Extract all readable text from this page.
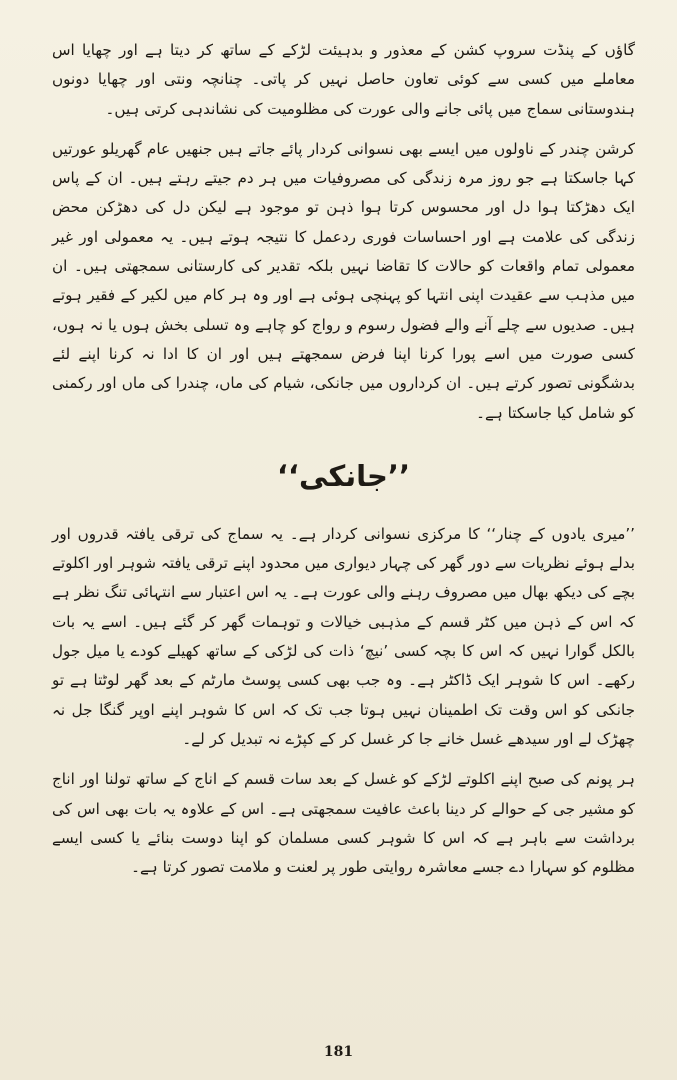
گاؤں کے پنڈت سروپ کشن کے معذور و بدہیئت لڑکے کے ساتھ کر دیتا ہے اور چھایا اس معاملے میں کسی سے کوئی تعاون حاصل نہیں کر پاتی۔ چنانچہ ونتی اور چھایا دونوں ہندوستانی سماج میں پائی جانے والی عورت کی مظلومیت کی نشاندہی کرتی ہیں۔

کرشن چندر کے ناولوں میں ایسے بھی نسوانی کردار پائے جاتے ہیں جنھیں عام گھریلو عورتیں کہا جاسکتا ہے جو روز مرہ زندگی کی مصروفیات میں ہر دم جیتے رہتے ہیں۔ ان کے پاس ایک دھڑکتا ہوا دل اور محسوس کرتا ہوا ذہن تو موجود ہے لیکن دل کی دھڑکن محض زندگی کی علامت ہے اور احساسات فوری ردعمل کا نتیجہ ہوتے ہیں۔ یہ معمولی اور غیر معمولی تمام واقعات کو حالات کا تقاضا نہیں بلکہ تقدیر کی کارستانی سمجھتی ہیں۔ ان میں مذہب سے عقیدت اپنی انتہا کو پہنچی ہوئی ہے اور وہ ہر کام میں لکیر کے فقیر ہوتے ہیں۔ صدیوں سے چلے آنے والے فضول رسوم و رواج کو چاہے وہ تسلی بخش ہوں یا نہ ہوں، کسی صورت میں اسے پورا کرنا اپنا فرض سمجھتے ہیں اور ان کا ادا نہ کرنا اپنے لئے بدشگونی تصور کرتے ہیں۔ ان کرداروں میں جانکی، شیام کی ماں، چندرا کی ماں اور رکمنی کو شامل کیا جاسکتا ہے۔

’’جانکی‘‘

’’میری یادوں کے چنار‘‘ کا مرکزی نسوانی کردار ہے۔ یہ سماج کی ترقی یافتہ قدروں اور بدلے ہوئے نظریات سے دور گھر کی چہار دیواری میں محدود اپنے ترقی یافتہ شوہر اور اکلوتے بچے کی دیکھ بھال میں مصروف رہنے والی عورت ہے۔ یہ اس اعتبار سے انتہائی تنگ نظر ہے کہ اس کے ذہن میں کٹر قسم کے مذہبی خیالات و توہمات گھر کر گئے ہیں۔ اسے یہ بات بالکل گوارا نہیں کہ اس کا بچہ کسی ’نیچ‘ ذات کی لڑکی کے ساتھ کھیلے کودے یا میل جول رکھے۔ اس کا شوہر ایک ڈاکٹر ہے۔ وہ جب بھی کسی پوسٹ مارٹم کے بعد گھر لوٹتا ہے تو جانکی کو اس وقت تک اطمینان نہیں ہوتا جب تک کہ اس کا شوہر اپنے اوپر گنگا جل نہ چھڑک لے اور سیدھے غسل خانے جا کر غسل کر کے کپڑے نہ تبدیل کر لے۔

ہر پونم کی صبح اپنے اکلوتے لڑکے کو غسل کے بعد سات قسم کے اناج کے ساتھ تولنا اور اناج کو مشیر جی کے حوالے کر دینا باعث عافیت سمجھتی ہے۔ اس کے علاوہ یہ بات بھی اس کی برداشت سے باہر ہے کہ اس کا شوہر کسی مسلمان کو اپنا دوست بنائے یا کسی ایسے مظلوم کو سہارا دے جسے معاشرہ روایتی طور پر لعنت و ملامت تصور کرتا ہے۔

181
